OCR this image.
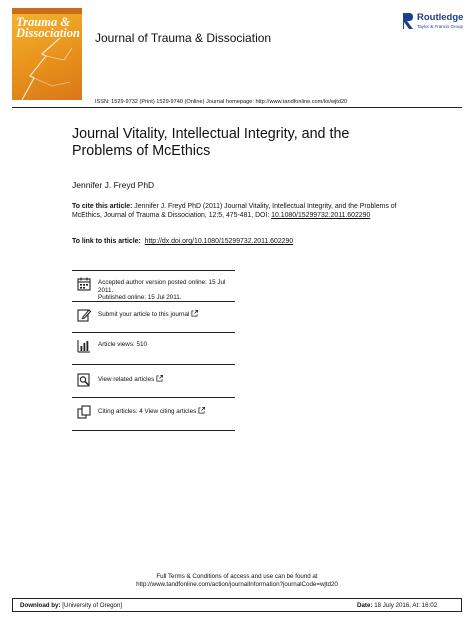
Trauma & Dissociation Journal of Trauma & Dissociation
Routledge
Taylor & Francis Group
ISSN: 1529-9732 (Print) 1529-9740 (Online) Journal homepage: http://www.tandfonline.com/loi/wjtd20
Journal Vitality, Intellectual Integrity, and the Problems of McEthics
Jennifer J. Freyd PhD
To cite this article: Jennifer J. Freyd PhD (2011) Journal Vitality, Intellectual Integrity, and the Problems of McEthics, Journal of Trauma & Dissociation, 12:5, 475-481, DOI: 10.1080/15299732.2011.602290
To link to this article: http://dx.doi.org/10.1080/15299732.2011.602290
Accepted author version posted online: 15 Jul 2011.
Published online: 15 Jul 2011.
Submit your article to this journal
Article views: 510
View related articles
Citing articles: 4 View citing articles
Full Terms & Conditions of access and use can be found at
http://www.tandfonline.com/action/journalInformation?journalCode=wjtd20
Download by: [University of Oregon]	Date: 18 July 2016, At: 16:02
